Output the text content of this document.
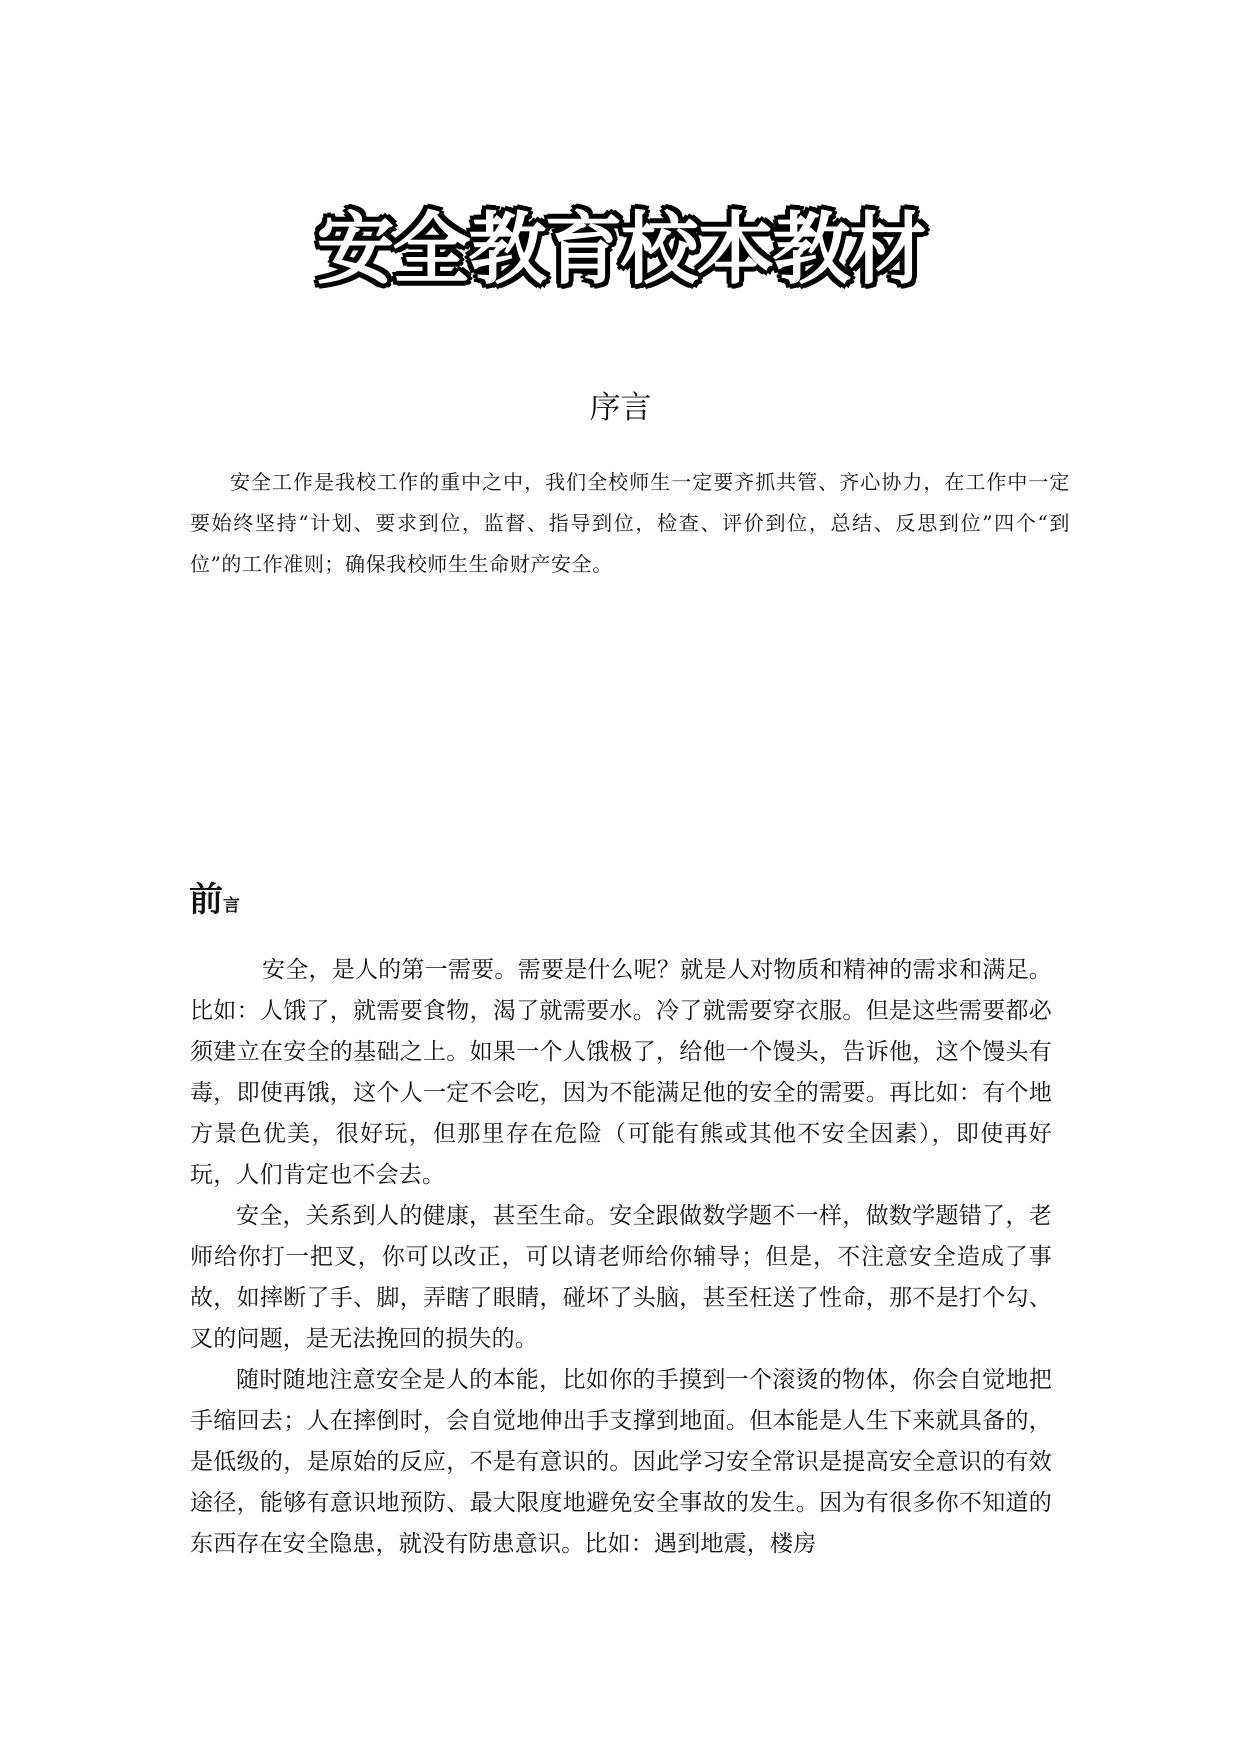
安全教育校本教材
序言

安全工作是我校工作的重中之中，我们全校师生一定要齐抓共管、齐心协力，在工作中一定要始终坚持“计划、要求到位，监督、指导到位，检查、评价到位，总结、反思到位”四个“到位”的工作准则；确保我校师生生命财产安全。

前言

安全，是人的第一需要。需要是什么呢？就是人对物质和精神的需求和满足。比如：人饿了，就需要食物，渴了就需要水。冷了就需要穿衣服。但是这些需要都必须建立在安全的基础之上。如果一个人饿极了，给他一个馒头，告诉他，这个馒头有毒，即使再饿，这个人一定不会吃，因为不能满足他的安全的需要。再比如：有个地方景色优美，很好玩，但那里存在危险（可能有熊或其他不安全因素），即使再好玩，人们肯定也不会去。

安全，关系到人的健康，甚至生命。安全跟做数学题不一样，做数学题错了，老师给你打一把叉，你可以改正，可以请老师给你辅导；但是，不注意安全造成了事故，如摔断了手、脚，弄瞎了眼睛，碰坏了头脑，甚至枉送了性命，那不是打个勾、叉的问题，是无法挽回的损失的。

随时随地注意安全是人的本能，比如你的手摸到一个滚烫的物体，你会自觉地把手缩回去；人在摔倒时，会自觉地伸出手支撑到地面。但本能是人生下来就具备的，是低级的，是原始的反应，不是有意识的。因此学习安全常识是提高安全意识的有效途径，能够有意识地预防、最大限度地避免安全事故的发生。因为有很多你不知道的东西存在安全隐患，就没有防患意识。比如：遇到地震，楼房
